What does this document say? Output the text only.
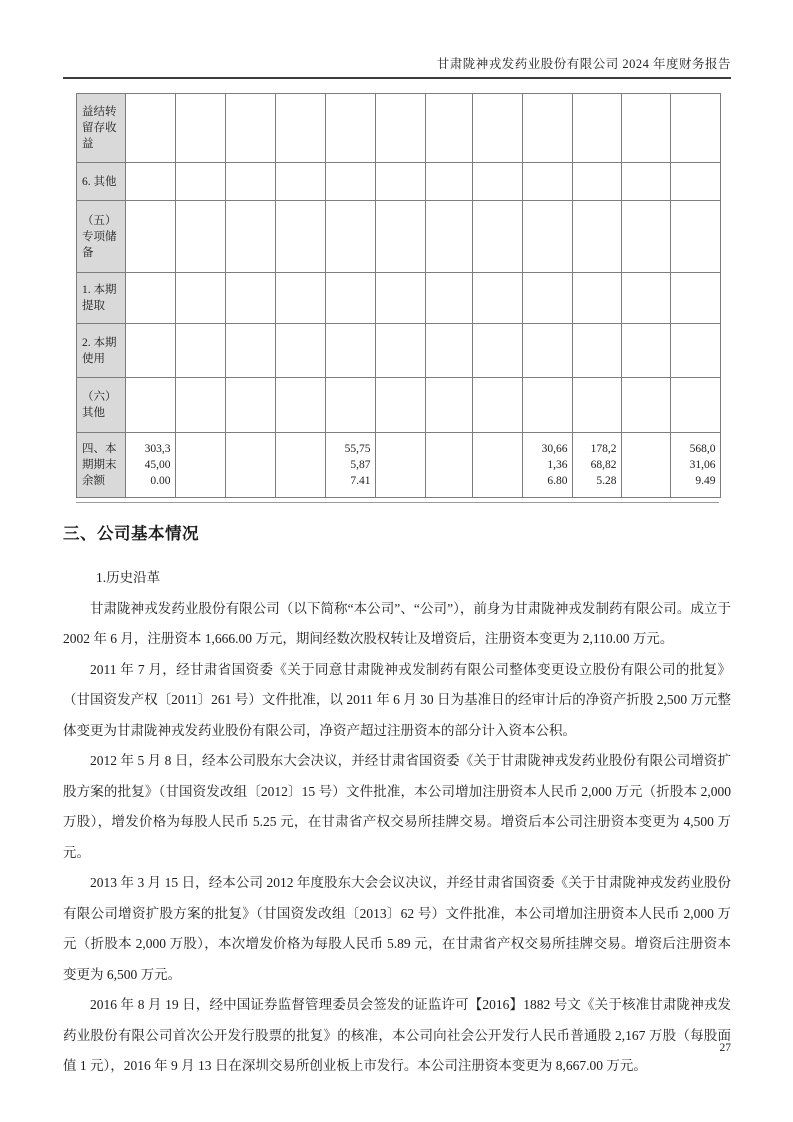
甘肃陇神戎发药业股份有限公司 2024 年度财务报告
益结转留存收益												
6. 其他												
（五）专项储备												
1. 本期提取												
2. 本期使用												
（六）其他												
四、本期期末余额	303,345,000.00				55,755,877.41				30,661,366.80	178,268,825.28		568,031,069.49
三、公司基本情况

1.历史沿革

甘肃陇神戎发药业股份有限公司（以下简称“本公司”、“公司”），前身为甘肃陇神戎发制药有限公司。成立于 2002 年 6 月，注册资本 1,666.00 万元，期间经数次股权转让及增资后，注册资本变更为 2,110.00 万元。

2011 年 7 月，经甘肃省国资委《关于同意甘肃陇神戎发制药有限公司整体变更设立股份有限公司的批复》（甘国资发产权〔2011〕261 号）文件批准，以 2011 年 6 月 30 日为基准日的经审计后的净资产折股 2,500 万元整体变更为甘肃陇神戎发药业股份有限公司，净资产超过注册资本的部分计入资本公积。

2012 年 5 月 8 日，经本公司股东大会决议，并经甘肃省国资委《关于甘肃陇神戎发药业股份有限公司增资扩股方案的批复》（甘国资发改组〔2012〕15 号）文件批准，本公司增加注册资本人民币 2,000 万元（折股本 2,000 万股），增发价格为每股人民币 5.25 元，在甘肃省产权交易所挂牌交易。增资后本公司注册资本变更为 4,500 万元。

2013 年 3 月 15 日，经本公司 2012 年度股东大会会议决议，并经甘肃省国资委《关于甘肃陇神戎发药业股份有限公司增资扩股方案的批复》（甘国资发改组〔2013〕62 号）文件批准，本公司增加注册资本人民币 2,000 万元（折股本 2,000 万股），本次增发价格为每股人民币 5.89 元，在甘肃省产权交易所挂牌交易。增资后注册资本变更为 6,500 万元。

2016 年 8 月 19 日，经中国证券监督管理委员会签发的证监许可【2016】1882 号文《关于核准甘肃陇神戎发药业股份有限公司首次公开发行股票的批复》的核准，本公司向社会公开发行人民币普通股 2,167 万股（每股面值 1 元），2016 年 9 月 13 日在深圳交易所创业板上市发行。本公司注册资本变更为 8,667.00 万元。

27
